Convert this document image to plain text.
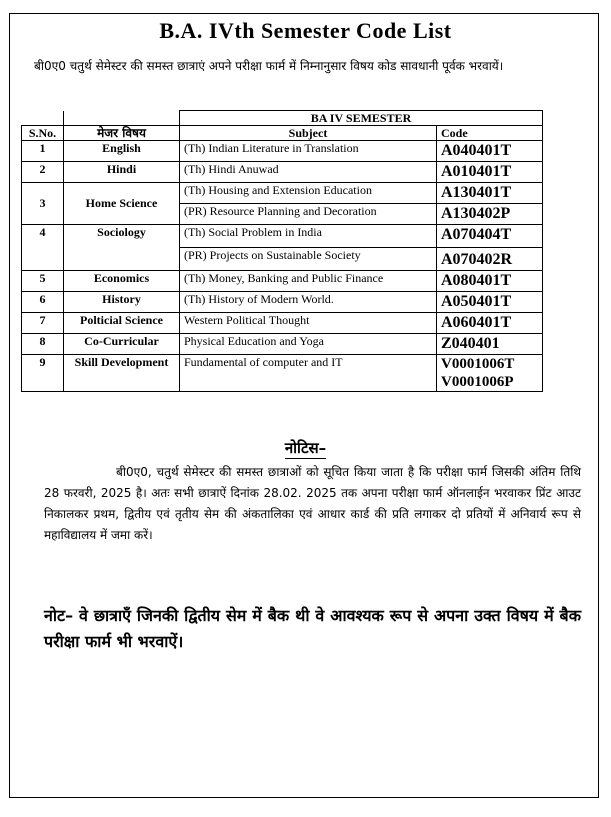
B.A. IVth Semester Code List
बी0ए0 चतुर्थ सेमेस्टर की समस्त छात्राएं अपने परीक्षा फार्म में निम्नानुसार विषय कोड सावधानी पूर्वक भरवायें।
		BA IV SEMESTER	
S.No.	मेजर विषय	Subject	Code
1	English	(Th) Indian Literature in Translation	A040401T
2	Hindi	(Th) Hindi Anuwad	A010401T
3	Home Science	(Th) Housing and Extension Education	A130401T
		(PR) Resource Planning and Decoration	A130402P
4	Sociology	(Th) Social Problem in India	A070404T
		(PR) Projects on Sustainable Society	A070402R
5	Economics	(Th) Money, Banking and Public Finance	A080401T
6	History	(Th) History of Modern World.	A050401T
7	Polticial Science	Western Political Thought	A060401T
8	Co-Curricular	Physical Education and Yoga	Z040401
9	Skill Development	Fundamental of computer and IT	V0001006T
V0001006P
नोटिस–
बी0ए0, चतुर्थ सेमेस्टर की समस्त छात्राओं को सूचित किया जाता है कि परीक्षा फार्म जिसकी अंतिम तिथि 28 फरवरी, 2025 है। अतः सभी छात्राऐं दिनांक 28.02. 2025 तक अपना परीक्षा फार्म ऑनलाईन भरवाकर प्रिंट आउट निकालकर प्रथम, द्वितीय एवं तृतीय सेम की अंकतालिका एवं आधार कार्ड की प्रति लगाकर दो प्रतियों में अनिवार्य रूप से महाविद्यालय में जमा करें।
नोट– वे छात्राएँ जिनकी द्वितीय सेम में बैक थी वे आवश्यक रूप से अपना उक्त विषय में बैक परीक्षा फार्म भी भरवाऐं।
